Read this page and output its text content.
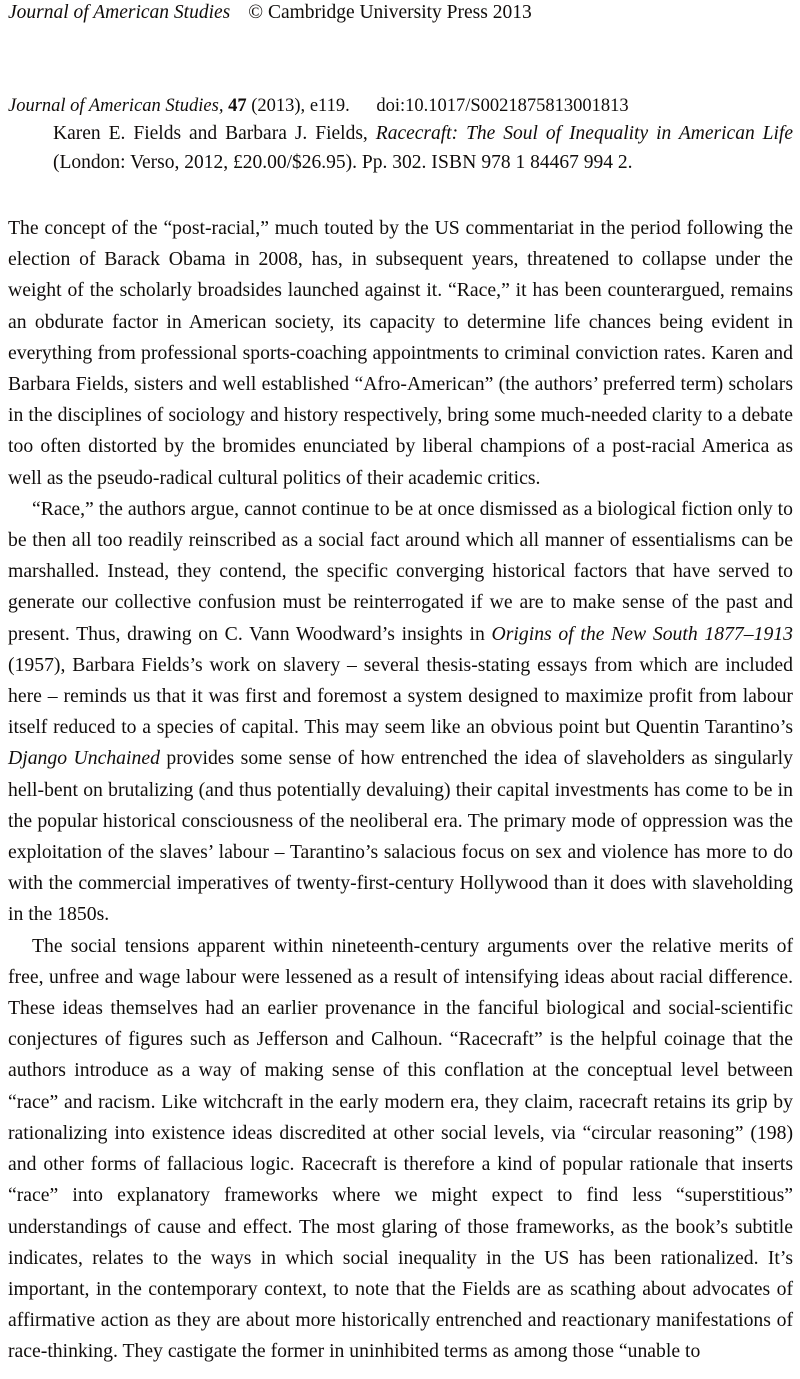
Journal of American Studies © Cambridge University Press 2013
Journal of American Studies, 47 (2013), e119. doi:10.1017/S0021875813001813
Karen E. Fields and Barbara J. Fields, Racecraft: The Soul of Inequality in American Life (London: Verso, 2012, £20.00/$26.95). Pp. 302. ISBN 978 1 84467 994 2.

The concept of the “post-racial,” much touted by the US commentariat in the period following the election of Barack Obama in 2008, has, in subsequent years, threatened to collapse under the weight of the scholarly broadsides launched against it. “Race,” it has been counterargued, remains an obdurate factor in American society, its capacity to determine life chances being evident in everything from professional sports-coaching appointments to criminal conviction rates. Karen and Barbara Fields, sisters and well established “Afro-American” (the authors’ preferred term) scholars in the disciplines of sociology and history respectively, bring some much-needed clarity to a debate too often distorted by the bromides enunciated by liberal champions of a post-racial America as well as the pseudo-radical cultural politics of their academic critics.

“Race,” the authors argue, cannot continue to be at once dismissed as a biological fiction only to be then all too readily reinscribed as a social fact around which all manner of essentialisms can be marshalled. Instead, they contend, the specific converging historical factors that have served to generate our collective confusion must be reinterrogated if we are to make sense of the past and present. Thus, drawing on C. Vann Woodward’s insights in Origins of the New South 1877–1913 (1957), Barbara Fields’s work on slavery – several thesis-stating essays from which are included here – reminds us that it was first and foremost a system designed to maximize profit from labour itself reduced to a species of capital. This may seem like an obvious point but Quentin Tarantino’s Django Unchained provides some sense of how entrenched the idea of slaveholders as singularly hell-bent on brutalizing (and thus potentially devaluing) their capital investments has come to be in the popular historical consciousness of the neoliberal era. The primary mode of oppression was the exploitation of the slaves’ labour – Tarantino’s salacious focus on sex and violence has more to do with the commercial imperatives of twenty-first-century Hollywood than it does with slaveholding in the 1850s.

The social tensions apparent within nineteenth-century arguments over the relative merits of free, unfree and wage labour were lessened as a result of intensifying ideas about racial difference. These ideas themselves had an earlier provenance in the fanciful biological and social-scientific conjectures of figures such as Jefferson and Calhoun. “Racecraft” is the helpful coinage that the authors introduce as a way of making sense of this conflation at the conceptual level between “race” and racism. Like witchcraft in the early modern era, they claim, racecraft retains its grip by rationalizing into existence ideas discredited at other social levels, via “circular reasoning” (198) and other forms of fallacious logic. Racecraft is therefore a kind of popular rationale that inserts “race” into explanatory frameworks where we might expect to find less “superstitious” understandings of cause and effect. The most glaring of those frameworks, as the book’s subtitle indicates, relates to the ways in which social inequality in the US has been rationalized. It’s important, in the contemporary context, to note that the Fields are as scathing about advocates of affirmative action as they are about more historically entrenched and reactionary manifestations of race-thinking. They castigate the former in uninhibited terms as among those “unable to
